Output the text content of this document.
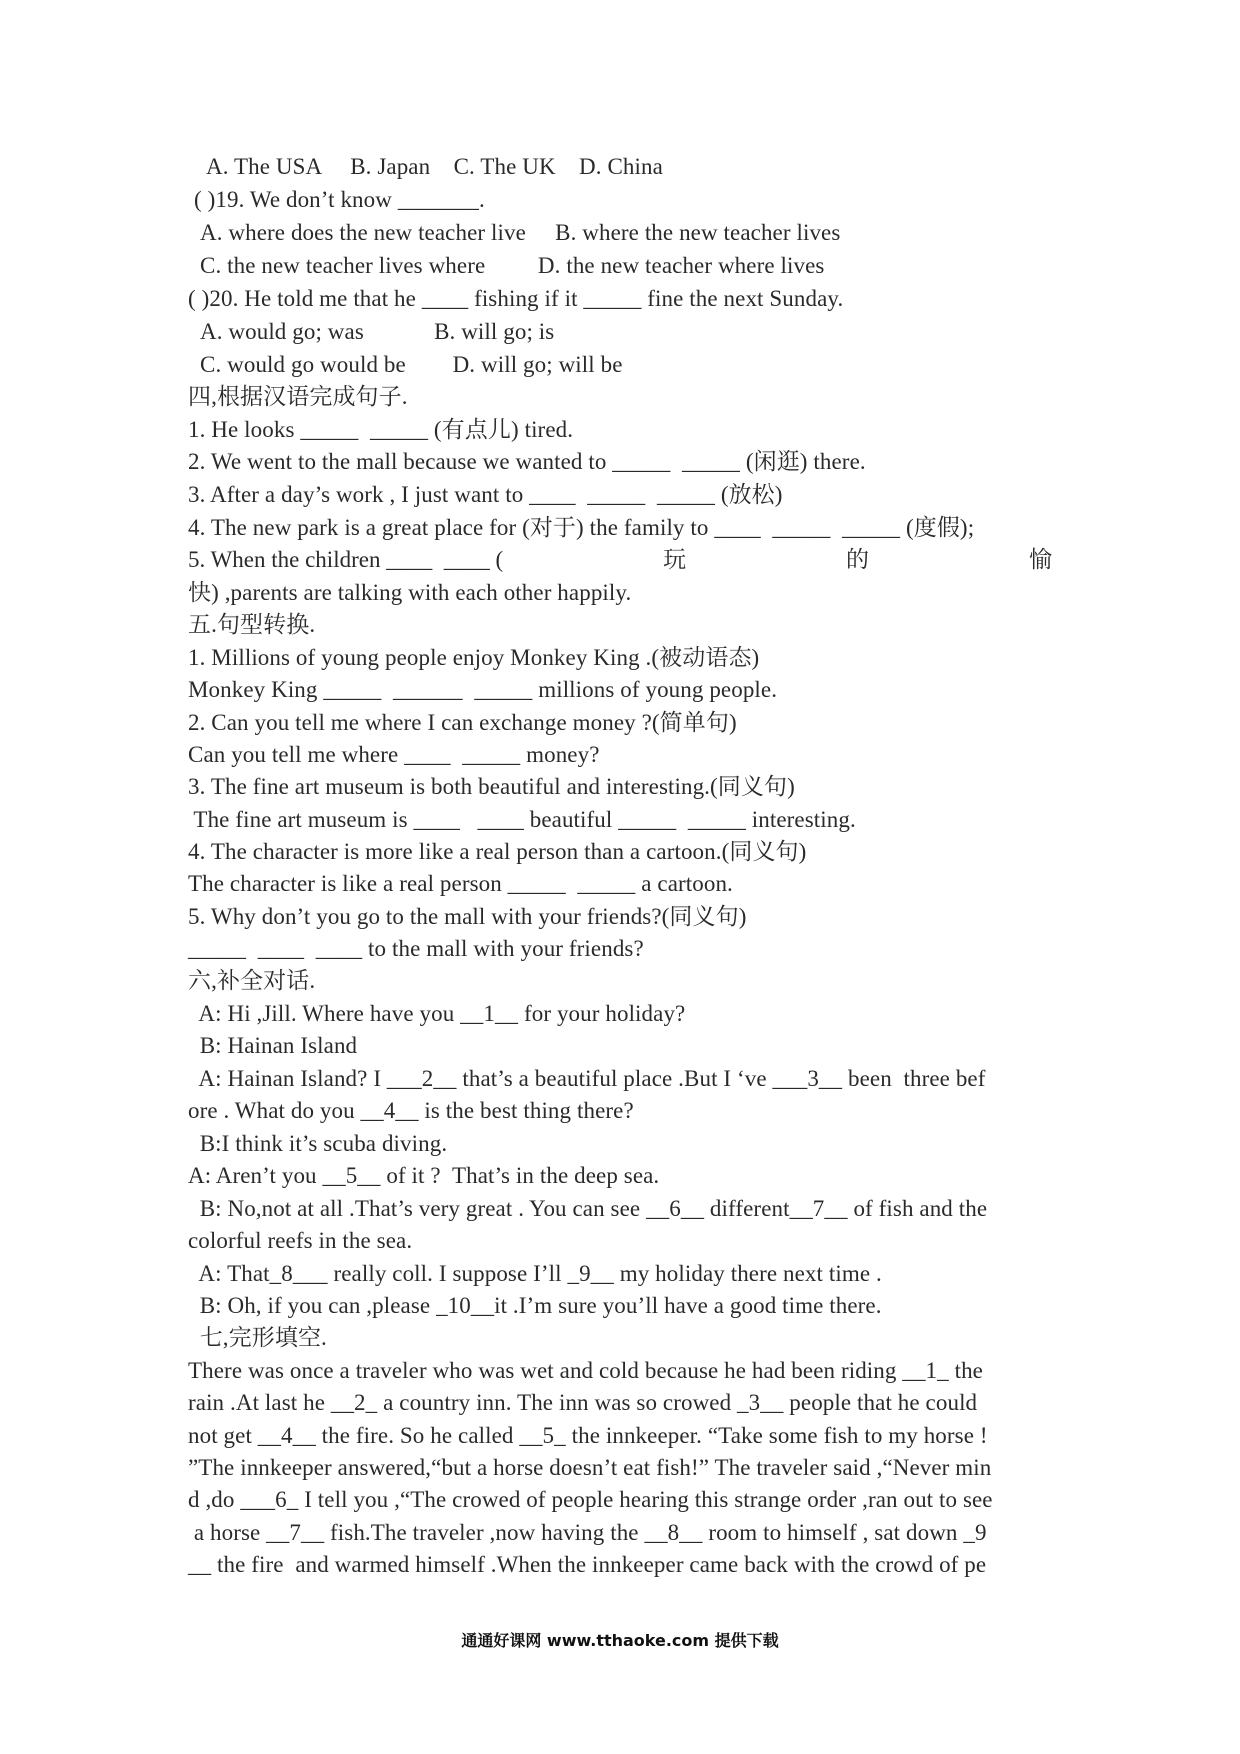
A. The USA     B. Japan    C. The UK    D. China
( )19. We don’t know _______.
A. where does the new teacher live     B. where the new teacher lives
C. the new teacher lives where         D. the new teacher where lives
( )20. He told me that he ____ fishing if it _____ fine the next Sunday.
A. would go; was            B. will go; is
C. would go would be        D. will go; will be
四,根据汉语完成句子.
1. He looks _____  _____ (有点儿) tired.
2. We went to the mall because we wanted to _____  _____ (闲逛) there.
3. After a day’s work , I just want to ____  _____  _____ (放松)
4. The new park is a great place for (对于) the family to ____  _____  _____ (度假);
5. When the children ____  ____ (	玩	的	愉
快) ,parents are talking with each other happily.
五.句型转换.
1. Millions of young people enjoy Monkey King .(被动语态)
Monkey King _____  ______  _____ millions of young people.
2. Can you tell me where I can exchange money ?(简单句)
Can you tell me where ____  _____ money?
3. The fine art museum is both beautiful and interesting.(同义句)
The fine art museum is ____   ____ beautiful _____  _____ interesting.
4. The character is more like a real person than a cartoon.(同义句)
The character is like a real person _____  _____ a cartoon.
5. Why don’t you go to the mall with your friends?(同义句)
_____  ____  ____ to the mall with your friends?
六,补全对话.
A: Hi ,Jill. Where have you __1__ for your holiday?
B: Hainan Island
A: Hainan Island? I ___2__ that’s a beautiful place .But I ‘ve ___3__ been  three bef
ore . What do you __4__ is the best thing there?
B:I think it’s scuba diving.
A: Aren’t you __5__ of it ?  That’s in the deep sea.
B: No,not at all .That’s very great . You can see __6__ different__7__ of fish and the
colorful reefs in the sea.
A: That_8___ really coll. I suppose I’ll _9__ my holiday there next time .
B: Oh, if you can ,please _10__it .I’m sure you’ll have a good time there.
七,完形填空.
There was once a traveler who was wet and cold because he had been riding __1_ the
rain .At last he __2_ a country inn. The inn was so crowed _3__ people that he could
not get __4__ the fire. So he called __5_ the innkeeper. “Take some fish to my horse !
”The innkeeper answered,“but a horse doesn’t eat fish!” The traveler said ,“Never min
d ,do ___6_ I tell you ,“The crowed of people hearing this strange order ,ran out to see
a horse __7__ fish.The traveler ,now having the __8__ room to himself , sat down _9
__ the fire  and warmed himself .When the innkeeper came back with the crowd of pe
通通好课网 www.tthaoke.com 提供下载
